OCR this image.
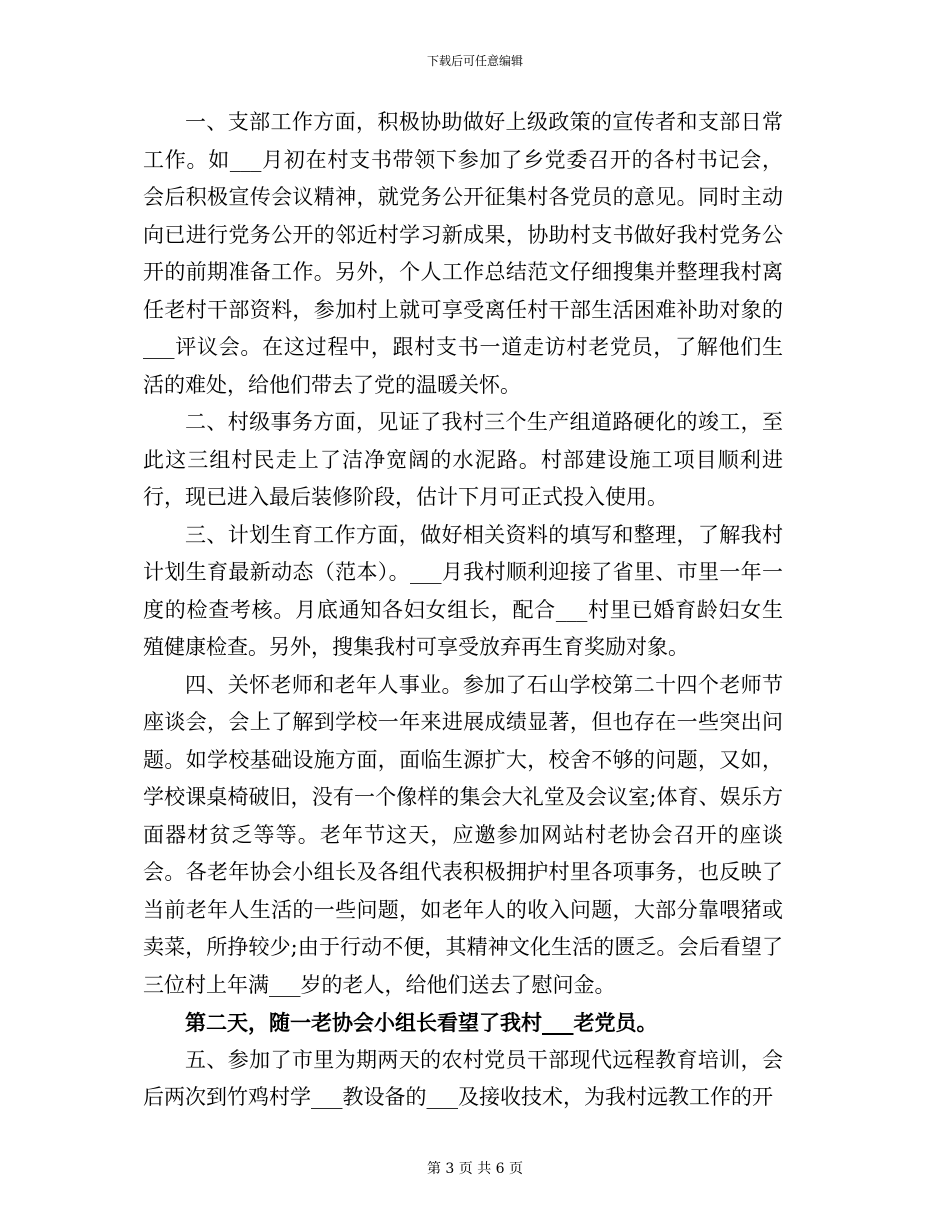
下载后可任意编辑

一、支部工作方面，积极协助做好上级政策的宣传者和支部日常工作。如___月初在村支书带领下参加了乡党委召开的各村书记会，会后积极宣传会议精神，就党务公开征集村各党员的意见。同时主动向已进行党务公开的邻近村学习新成果，协助村支书做好我村党务公开的前期准备工作。另外，个人工作总结范文仔细搜集并整理我村离任老村干部资料，参加村上就可享受离任村干部生活困难补助对象的___评议会。在这过程中，跟村支书一道走访村老党员，了解他们生活的难处，给他们带去了党的温暖关怀。

二、村级事务方面，见证了我村三个生产组道路硬化的竣工，至此这三组村民走上了洁净宽阔的水泥路。村部建设施工项目顺利进行，现已进入最后装修阶段，估计下月可正式投入使用。

三、计划生育工作方面，做好相关资料的填写和整理，了解我村计划生育最新动态（范本）。___月我村顺利迎接了省里、市里一年一度的检查考核。月底通知各妇女组长，配合___村里已婚育龄妇女生殖健康检查。另外，搜集我村可享受放弃再生育奖励对象。

四、关怀老师和老年人事业。参加了石山学校第二十四个老师节座谈会，会上了解到学校一年来进展成绩显著，但也存在一些突出问题。如学校基础设施方面，面临生源扩大，校舍不够的问题，又如，学校课桌椅破旧，没有一个像样的集会大礼堂及会议室;体育、娱乐方面器材贫乏等等。老年节这天，应邀参加网站村老协会召开的座谈会。各老年协会小组长及各组代表积极拥护村里各项事务，也反映了当前老年人生活的一些问题，如老年人的收入问题，大部分靠喂猪或卖菜，所挣较少;由于行动不便，其精神文化生活的匮乏。会后看望了三位村上年满___岁的老人，给他们送去了慰问金。

第二天，随一老协会小组长看望了我村___老党员。

五、参加了市里为期两天的农村党员干部现代远程教育培训，会后两次到竹鸡村学___教设备的___及接收技术，为我村远教工作的开

第 3 页 共 6 页
